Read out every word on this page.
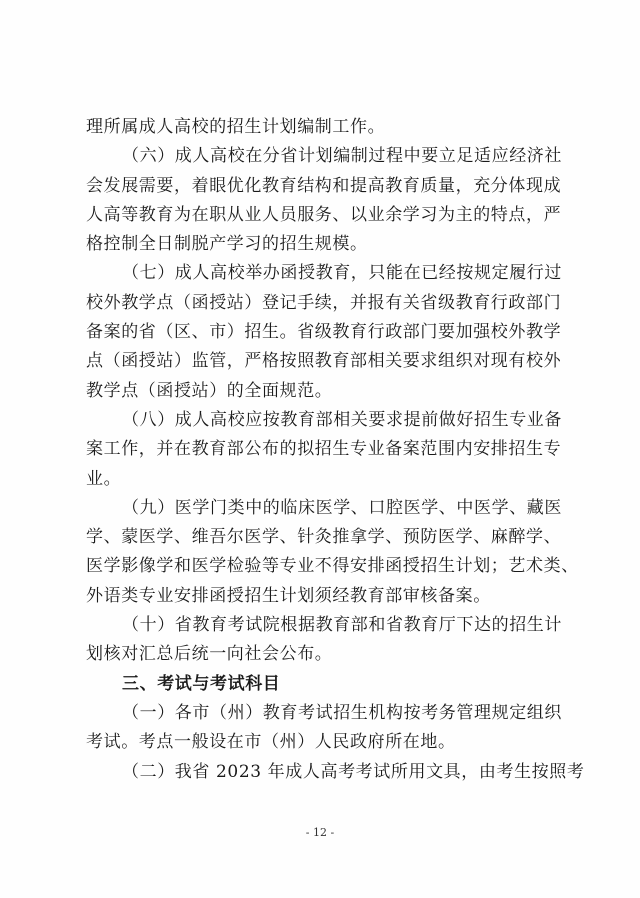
理所属成人高校的招生计划编制工作。
（六）成人高校在分省计划编制过程中要立足适应经济社
会发展需要，着眼优化教育结构和提高教育质量，充分体现成
人高等教育为在职从业人员服务、以业余学习为主的特点，严
格控制全日制脱产学习的招生规模。
（七）成人高校举办函授教育，只能在已经按规定履行过
校外教学点（函授站）登记手续，并报有关省级教育行政部门
备案的省（区、市）招生。省级教育行政部门要加强校外教学
点（函授站）监管，严格按照教育部相关要求组织对现有校外
教学点（函授站）的全面规范。
（八）成人高校应按教育部相关要求提前做好招生专业备
案工作，并在教育部公布的拟招生专业备案范围内安排招生专
业。
（九）医学门类中的临床医学、口腔医学、中医学、藏医
学、蒙医学、维吾尔医学、针灸推拿学、预防医学、麻醉学、
医学影像学和医学检验等专业不得安排函授招生计划；艺术类、
外语类专业安排函授招生计划须经教育部审核备案。
（十）省教育考试院根据教育部和省教育厅下达的招生计
划核对汇总后统一向社会公布。
三、考试与考试科目
（一）各市（州）教育考试招生机构按考务管理规定组织
考试。考点一般设在市（州）人民政府所在地。
（二）我省 2023 年成人高考考试所用文具，由考生按照考
- 12 -
